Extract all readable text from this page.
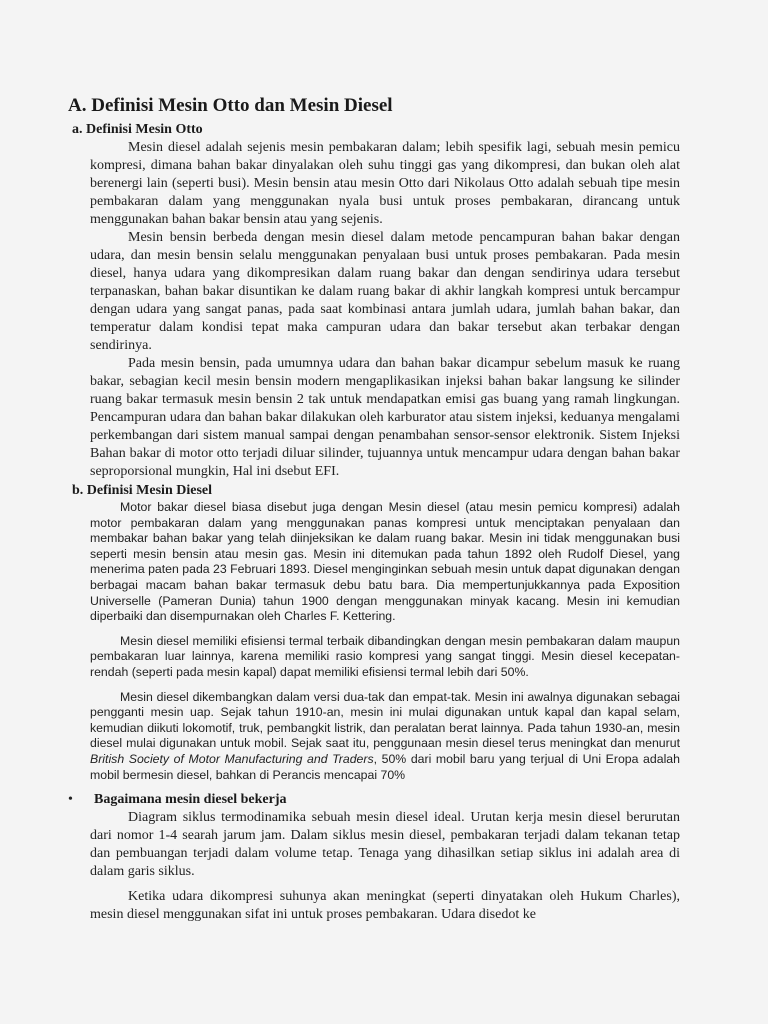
A. Definisi Mesin Otto dan Mesin Diesel
a. Definisi Mesin Otto

Mesin diesel adalah sejenis mesin pembakaran dalam; lebih spesifik lagi, sebuah mesin pemicu kompresi, dimana bahan bakar dinyalakan oleh suhu tinggi gas yang dikompresi, dan bukan oleh alat berenergi lain (seperti busi). Mesin bensin atau mesin Otto dari Nikolaus Otto adalah sebuah tipe mesin pembakaran dalam yang menggunakan nyala busi untuk proses pembakaran, dirancang untuk menggunakan bahan bakar bensin atau yang sejenis.

Mesin bensin berbeda dengan mesin diesel dalam metode pencampuran bahan bakar dengan udara, dan mesin bensin selalu menggunakan penyalaan busi untuk proses pembakaran. Pada mesin diesel, hanya udara yang dikompresikan dalam ruang bakar dan dengan sendirinya udara tersebut terpanaskan, bahan bakar disuntikan ke dalam ruang bakar di akhir langkah kompresi untuk bercampur dengan udara yang sangat panas, pada saat kombinasi antara jumlah udara, jumlah bahan bakar, dan temperatur dalam kondisi tepat maka campuran udara dan bakar tersebut akan terbakar dengan sendirinya.

Pada mesin bensin, pada umumnya udara dan bahan bakar dicampur sebelum masuk ke ruang bakar, sebagian kecil mesin bensin modern mengaplikasikan injeksi bahan bakar langsung ke silinder ruang bakar termasuk mesin bensin 2 tak untuk mendapatkan emisi gas buang yang ramah lingkungan. Pencampuran udara dan bahan bakar dilakukan oleh karburator atau sistem injeksi, keduanya mengalami perkembangan dari sistem manual sampai dengan penambahan sensor-sensor elektronik. Sistem Injeksi Bahan bakar di motor otto terjadi diluar silinder, tujuannya untuk mencampur udara dengan bahan bakar seproporsional mungkin, Hal ini dsebut EFI.

b. Definisi Mesin Diesel

Motor bakar diesel biasa disebut juga dengan Mesin diesel (atau mesin pemicu kompresi) adalah motor pembakaran dalam yang menggunakan panas kompresi untuk menciptakan penyalaan dan membakar bahan bakar yang telah diinjeksikan ke dalam ruang bakar. Mesin ini tidak menggunakan busi seperti mesin bensin atau mesin gas. Mesin ini ditemukan pada tahun 1892 oleh Rudolf Diesel, yang menerima paten pada 23 Februari 1893. Diesel menginginkan sebuah mesin untuk dapat digunakan dengan berbagai macam bahan bakar termasuk debu batu bara. Dia mempertunjukkannya pada Exposition Universelle (Pameran Dunia) tahun 1900 dengan menggunakan minyak kacang. Mesin ini kemudian diperbaiki dan disempurnakan oleh Charles F. Kettering.

Mesin diesel memiliki efisiensi termal terbaik dibandingkan dengan mesin pembakaran dalam maupun pembakaran luar lainnya, karena memiliki rasio kompresi yang sangat tinggi. Mesin diesel kecepatan-rendah (seperti pada mesin kapal) dapat memiliki efisiensi termal lebih dari 50%.

Mesin diesel dikembangkan dalam versi dua-tak dan empat-tak. Mesin ini awalnya digunakan sebagai pengganti mesin uap. Sejak tahun 1910-an, mesin ini mulai digunakan untuk kapal dan kapal selam, kemudian diikuti lokomotif, truk, pembangkit listrik, dan peralatan berat lainnya. Pada tahun 1930-an, mesin diesel mulai digunakan untuk mobil. Sejak saat itu, penggunaan mesin diesel terus meningkat dan menurut British Society of Motor Manufacturing and Traders, 50% dari mobil baru yang terjual di Uni Eropa adalah mobil bermesin diesel, bahkan di Perancis mencapai 70%

•	Bagaimana mesin diesel bekerja

Diagram siklus termodinamika sebuah mesin diesel ideal. Urutan kerja mesin diesel berurutan dari nomor 1-4 searah jarum jam. Dalam siklus mesin diesel, pembakaran terjadi dalam tekanan tetap dan pembuangan terjadi dalam volume tetap. Tenaga yang dihasilkan setiap siklus ini adalah area di dalam garis siklus.

Ketika udara dikompresi suhunya akan meningkat (seperti dinyatakan oleh Hukum Charles), mesin diesel menggunakan sifat ini untuk proses pembakaran. Udara disedot ke
